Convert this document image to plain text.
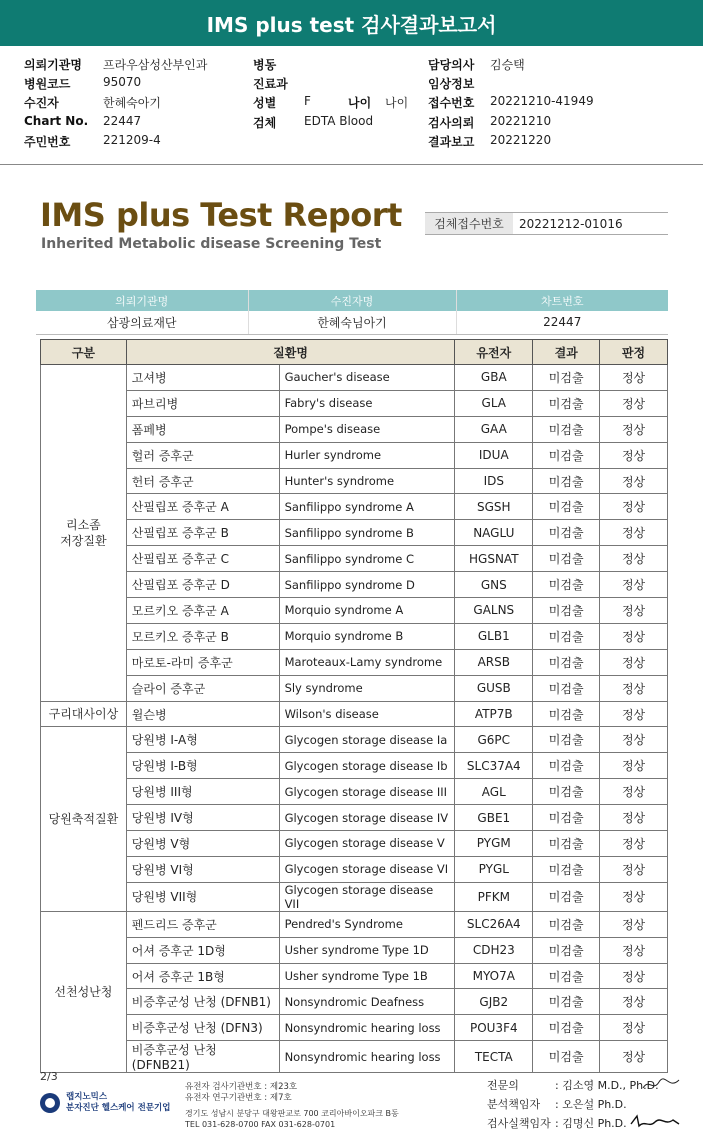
IMS plus test 검사결과보고서
의뢰기관명 프라우삼성산부인과
병원코드	95070
수진자	한혜숙아기
Chart No. 22447
주민번호	221209-4
병동
진료과
성별 F
검체 EDTA Blood
나이 나이
담당의사 김승택
임상정보
접수번호 20221210-41949
검사의뢰 20221210
결과보고 20221220
IMS plus Test Report
Inherited Metabolic disease Screening Test
검체접수번호	20221212-01016
의뢰기관명	수진자명	차트번호
삼광의료재단	한혜숙님아기	22447
구분	질환명		유전자	결과	판정

리소좀
저장질환	고셔병	Gaucher's disease	GBA	미검출	정상
	파브리병	Fabry's disease	GLA	미검출	정상
	폼페병	Pompe's disease	GAA	미검출	정상
	헐러 증후군	Hurler syndrome	IDUA	미검출	정상
	헌터 증후군	Hunter's syndrome	IDS	미검출	정상
	산필립포 증후군 A	Sanfilippo syndrome A	SGSH	미검출	정상
	산필립포 증후군 B	Sanfilippo syndrome B	NAGLU	미검출	정상
	산필립포 증후군 C	Sanfilippo syndrome C	HGSNAT	미검출	정상
	산필립포 증후군 D	Sanfilippo syndrome D	GNS	미검출	정상
	모르키오 증후군 A	Morquio syndrome A	GALNS	미검출	정상
	모르키오 증후군 B	Morquio syndrome B	GLB1	미검출	정상
	마로토-라미 증후군	Maroteaux-Lamy syndrome	ARSB	미검출	정상
	슬라이 증후군	Sly syndrome	GUSB	미검출	정상

구리대사이상	윌슨병	Wilson's disease	ATP7B	미검출	정상

당원축적질환	당원병 I-A형	Glycogen storage disease Ia	G6PC	미검출	정상
	당원병 I-B형	Glycogen storage disease Ib	SLC37A4	미검출	정상
	당원병 III형	Glycogen storage disease III	AGL	미검출	정상
	당원병 IV형	Glycogen storage disease IV	GBE1	미검출	정상
	당원병 V형	Glycogen storage disease V	PYGM	미검출	정상
	당원병 VI형	Glycogen storage disease VI	PYGL	미검출	정상
	당원병 VII형	Glycogen storage disease VII	PFKM	미검출	정상

선천성난청	펜드리드 증후군	Pendred's Syndrome	SLC26A4	미검출	정상
	어셔 증후군 1D형	Usher syndrome Type 1D	CDH23	미검출	정상
	어셔 증후군 1B형	Usher syndrome Type 1B	MYO7A	미검출	정상
	비증후군성 난청 (DFNB1)	Nonsyndromic Deafness	GJB2	미검출	정상
	비증후군성 난청 (DFN3)	Nonsyndromic hearing loss	POU3F4	미검출	정상
	비증후군성 난청 (DFNB21)	Nonsyndromic hearing loss	TECTA	미검출	정상
2/3
랩지노믹스
분자진단 헬스케어 전문기업
유전자 검사기관번호 : 제23호
유전자 연구기관번호 : 제7호
경기도 성남시 분당구 대왕판교로 700 코리아바이오파크 B동
TEL 031-628-0700 FAX 031-628-0701
전문의	: 김소영 M.D., Ph.D.
분석책임자	: 오은설 Ph.D.
검사실책임자 : 김명신 Ph.D.
